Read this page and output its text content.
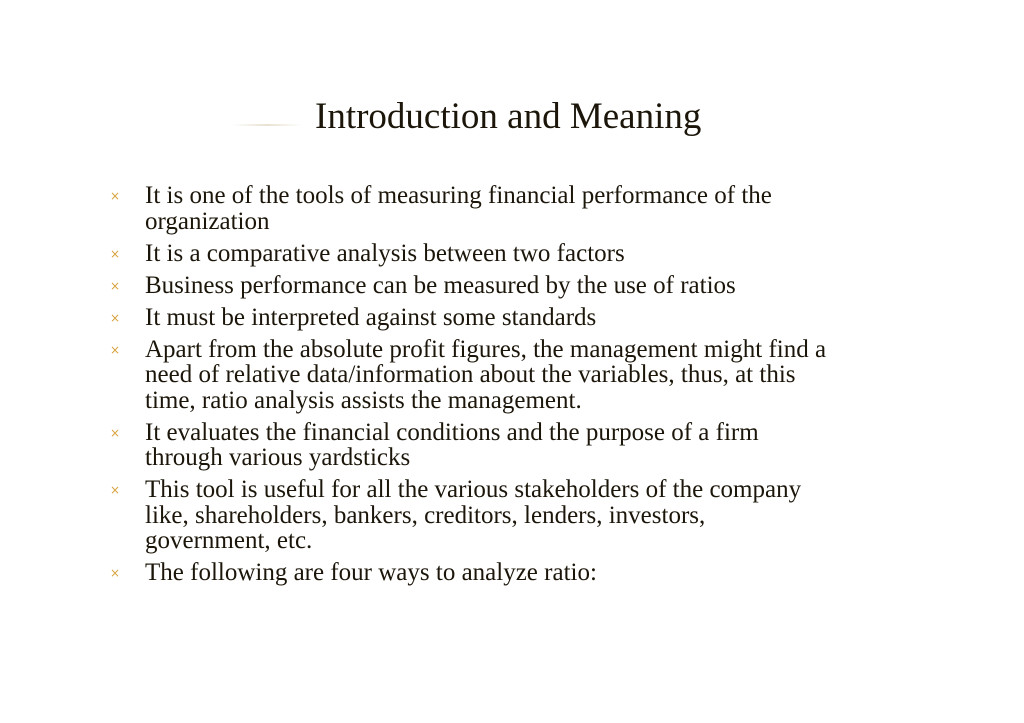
Introduction and Meaning
× It is one of the tools of measuring financial performance of the
organization
× It is a comparative analysis between two factors
× Business performance can be measured by the use of ratios
× It must be interpreted against some standards
× Apart from the absolute profit figures, the management might find a
need of relative data/information about the variables, thus, at this
time, ratio analysis assists the management.
× It evaluates the financial conditions and the purpose of a firm
through various yardsticks
× This tool is useful for all the various stakeholders of the company
like, shareholders, bankers, creditors, lenders, investors,
government, etc.
× The following are four ways to analyze ratio:
